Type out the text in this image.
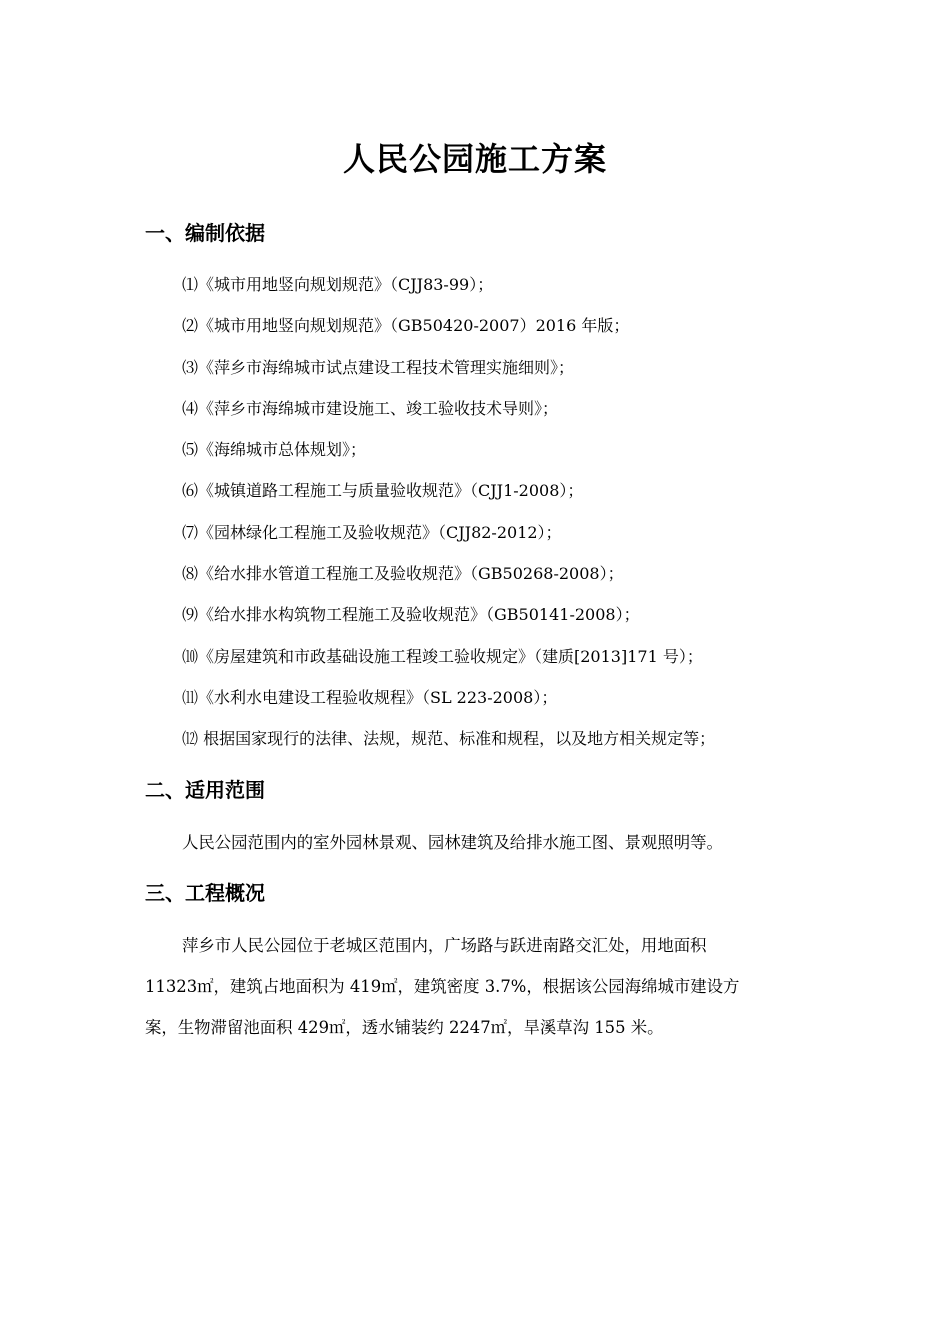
人民公园施工方案
一、编制依据
⑴《城市用地竖向规划规范》（CJJ83-99）；
⑵《城市用地竖向规划规范》（GB50420-2007）2016 年版；
⑶《萍乡市海绵城市试点建设工程技术管理实施细则》；
⑷《萍乡市海绵城市建设施工、竣工验收技术导则》；
⑸《海绵城市总体规划》；
⑹《城镇道路工程施工与质量验收规范》（CJJ1-2008）；
⑺《园林绿化工程施工及验收规范》（CJJ82-2012）；
⑻《给水排水管道工程施工及验收规范》（GB50268-2008）；
⑼《给水排水构筑物工程施工及验收规范》（GB50141-2008）；
⑽《房屋建筑和市政基础设施工程竣工验收规定》（建质[2013]171 号）；
⑾《水利水电建设工程验收规程》（SL 223-2008）；
⑿ 根据国家现行的法律、法规，规范、标准和规程，以及地方相关规定等；
二、适用范围
人民公园范围内的室外园林景观、园林建筑及给排水施工图、景观照明等。
三、工程概况
萍乡市人民公园位于老城区范围内，广场路与跃进南路交汇处，用地面积
11323㎡，建筑占地面积为 419㎡，建筑密度 3.7%，根据该公园海绵城市建设方
案，生物滞留池面积 429㎡，透水铺装约 2247㎡，旱溪草沟 155 米。
